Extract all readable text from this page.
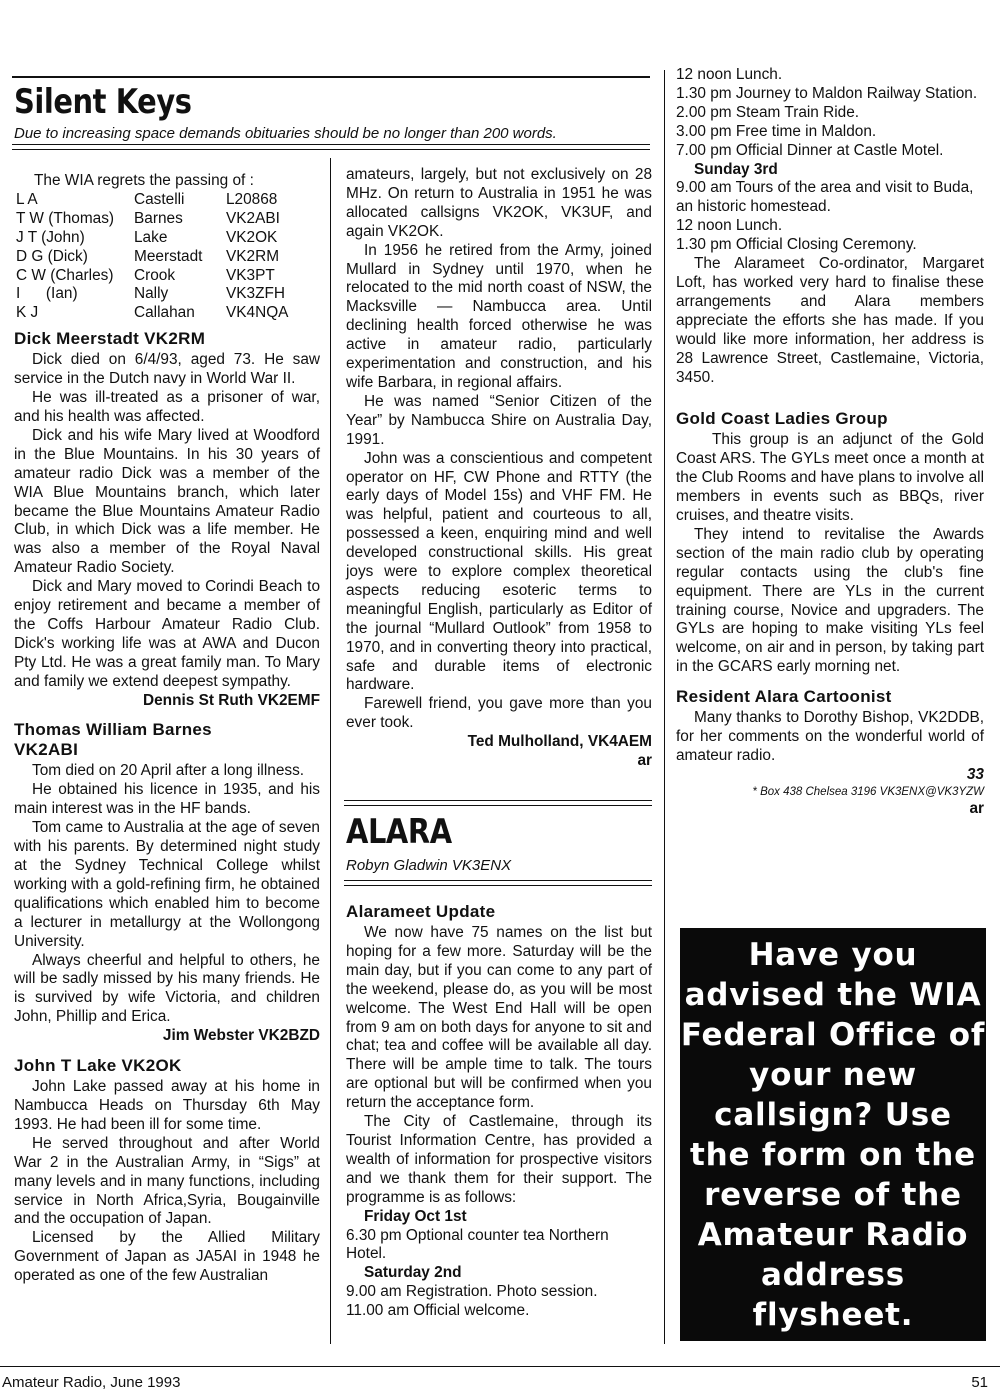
Silent Keys
Due to increasing space demands obituaries should be no longer than 200 words.

The WIA regrets the passing of :

L A	Castelli	L20868
T W (Thomas)	Barnes	VK2ABI
J T (John)	Lake	VK2OK
D G (Dick)	Meerstadt	VK2RM
C W (Charles)	Crook	VK3PT
I      (Ian)	Nally	VK3ZFH
K J	Callahan	VK4NQA
Dick Meerstadt VK2RM

Dick died on 6/4/93, aged 73. He saw service in the Dutch navy in World War II.

He was ill-treated as a prisoner of war, and his health was affected.

Dick and his wife Mary lived at Woodford in the Blue Mountains. In his 30 years of amateur radio Dick was a member of the WIA Blue Mountains branch, which later became the Blue Mountains Amateur Radio Club, in which Dick was a life member. He was also a member of the Royal Naval Amateur Radio Society.

Dick and Mary moved to Corindi Beach to enjoy retirement and became a member of the Coffs Harbour Amateur Radio Club. Dick's working life was at AWA and Ducon Pty Ltd. He was a great family man. To Mary and family we extend deepest sympathy.

Dennis St Ruth VK2EMF

Thomas William Barnes
VK2ABI

Tom died on 20 April after a long illness.

He obtained his licence in 1935, and his main interest was in the HF bands.

Tom came to Australia at the age of seven with his parents. By determined night study at the Sydney Technical College whilst working with a gold-refining firm, he obtained qualifications which enabled him to become a lecturer in metallurgy at the Wollongong University.

Always cheerful and helpful to others, he will be sadly missed by his many friends. He is survived by wife Victoria, and children John, Phillip and Erica.

Jim Webster VK2BZD

John T Lake VK2OK

John Lake passed away at his home in Nambucca Heads on Thursday 6th May 1993. He had been ill for some time.

He served throughout and after World War 2 in the Australian Army, in “Sigs” at many levels and in many functions, including service in North Africa,Syria, Bougainville and the occupation of Japan.

Licensed by the Allied Military Government of Japan as JA5AI in 1948 he operated as one of the few Australian

amateurs, largely, but not exclusively on 28 MHz. On return to Australia in 1951 he was allocated callsigns VK2OK, VK3UF, and again VK2OK.

In 1956 he retired from the Army, joined Mullard in Sydney until 1970, when he relocated to the mid north coast of NSW, the Macksville — Nambucca area. Until declining health forced otherwise he was active in amateur radio, particularly experimentation and construction, and his wife Barbara, in regional affairs.

He was named “Senior Citizen of the Year” by Nambucca Shire on Australia Day, 1991.

John was a conscientious and competent operator on HF, CW Phone and RTTY (the early days of Model 15s) and VHF FM. He was helpful, patient and courteous to all, possessed a keen, enquiring mind and well developed constructional skills. His great joys were to explore complex theoretical aspects reducing esoteric terms to meaningful English, particularly as Editor of the journal “Mullard Outlook” from 1958 to 1970, and in converting theory into practical, safe and durable items of electronic hardware.

Farewell friend, you gave more than you ever took.

Ted Mulholland, VK4AEM

ar

ALARA
Robyn Gladwin VK3ENX
Alarameet Update

We now have 75 names on the list but hoping for a few more. Saturday will be the main day, but if you can come to any part of the weekend, please do, as you will be most welcome. The West End Hall will be open from 9 am on both days for anyone to sit and chat; tea and coffee will be available all day. There will be ample time to talk. The tours are optional but will be confirmed when you return the acceptance form.

The City of Castlemaine, through its Tourist Information Centre, has provided a wealth of information for prospective visitors and we thank them for their support. The programme is as follows:

Friday Oct 1st

6.30 pm Optional counter tea Northern Hotel.

Saturday 2nd

9.00 am Registration. Photo session.

11.00 am Official welcome.

12 noon Lunch.

1.30 pm Journey to Maldon Railway Station.

2.00 pm Steam Train Ride.

3.00 pm Free time in Maldon.

7.00 pm Official Dinner at Castle Motel.

Sunday 3rd

9.00 am Tours of the area and visit to Buda, an historic homestead.

12 noon Lunch.

1.30 pm Official Closing Ceremony.

The Alarameet Co-ordinator, Margaret Loft, has worked very hard to finalise these arrangements and Alara members appreciate the efforts she has made. If you would like more information, her address is 28 Lawrence Street, Castlemaine, Victoria, 3450.

Gold Coast Ladies Group

This group is an adjunct of the Gold Coast ARS. The GYLs meet once a month at the Club Rooms and have plans to involve all members in events such as BBQs, river cruises, and theatre visits.

They intend to revitalise the Awards section of the main radio club by operating regular contacts using the club's fine equipment. There are YLs in the current training course, Novice and upgraders. The GYLs are hoping to make visiting YLs feel welcome, on air and in person, by taking part in the GCARS early morning net.

Resident Alara Cartoonist

Many thanks to Dorothy Bishop, VK2DDB, for her comments on the wonderful world of amateur radio.

33

* Box 438 Chelsea 3196 VK3ENX@VK3YZW

ar

Have you advised the WIA Federal Office of your new callsign? Use the form on the reverse of the Amateur Radio address flysheet.
Amateur Radio, June 1993	51
